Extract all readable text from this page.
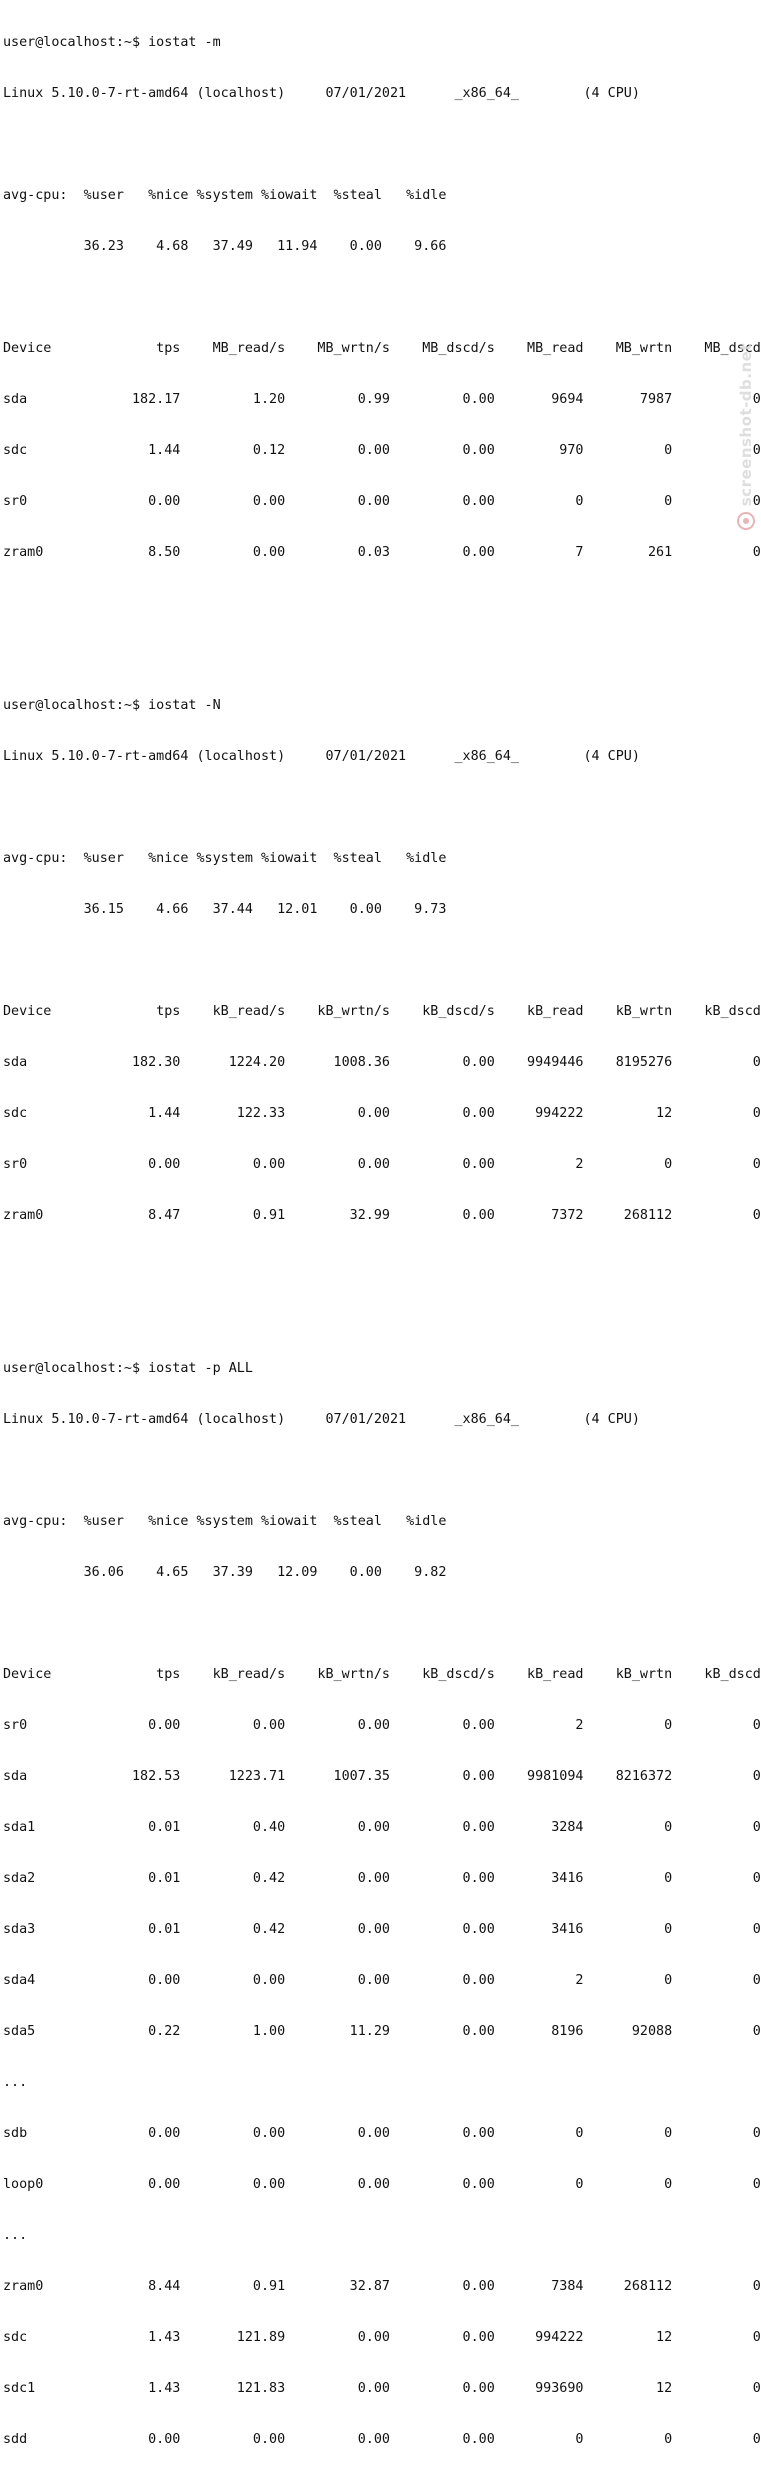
user@localhost:~$ iostat -m

Linux 5.10.0-7-rt-amd64 (localhost)     07/01/2021      _x86_64_        (4 CPU)

avg-cpu:  %user   %nice %system %iowait  %steal   %idle

36.23    4.68   37.49   11.94    0.00    9.66

Device             tps    MB_read/s    MB_wrtn/s    MB_dscd/s    MB_read    MB_wrtn    MB_dscd

sda             182.17         1.20         0.99         0.00       9694       7987          0

sdc               1.44         0.12         0.00         0.00        970          0          0

sr0               0.00         0.00         0.00         0.00          0          0          0

zram0             8.50         0.00         0.03         0.00          7        261          0

user@localhost:~$ iostat -N

Linux 5.10.0-7-rt-amd64 (localhost)     07/01/2021      _x86_64_        (4 CPU)

avg-cpu:  %user   %nice %system %iowait  %steal   %idle

36.15    4.66   37.44   12.01    0.00    9.73

Device             tps    kB_read/s    kB_wrtn/s    kB_dscd/s    kB_read    kB_wrtn    kB_dscd

sda             182.30      1224.20      1008.36         0.00    9949446    8195276          0

sdc               1.44       122.33         0.00         0.00     994222         12          0

sr0               0.00         0.00         0.00         0.00          2          0          0

zram0             8.47         0.91        32.99         0.00       7372     268112          0

user@localhost:~$ iostat -p ALL

Linux 5.10.0-7-rt-amd64 (localhost)     07/01/2021      _x86_64_        (4 CPU)

avg-cpu:  %user   %nice %system %iowait  %steal   %idle

36.06    4.65   37.39   12.09    0.00    9.82

Device             tps    kB_read/s    kB_wrtn/s    kB_dscd/s    kB_read    kB_wrtn    kB_dscd

sr0               0.00         0.00         0.00         0.00          2          0          0

sda             182.53      1223.71      1007.35         0.00    9981094    8216372          0

sda1              0.01         0.40         0.00         0.00       3284          0          0

sda2              0.01         0.42         0.00         0.00       3416          0          0

sda3              0.01         0.42         0.00         0.00       3416          0          0

sda4              0.00         0.00         0.00         0.00          2          0          0

sda5              0.22         1.00        11.29         0.00       8196      92088          0

...

sdb               0.00         0.00         0.00         0.00          0          0          0

loop0             0.00         0.00         0.00         0.00          0          0          0

...

zram0             8.44         0.91        32.87         0.00       7384     268112          0

sdc               1.43       121.89         0.00         0.00     994222         12          0

sdc1              1.43       121.83         0.00         0.00     993690         12          0

sdd               0.00         0.00         0.00         0.00          0          0          0

screenshot-db.net
